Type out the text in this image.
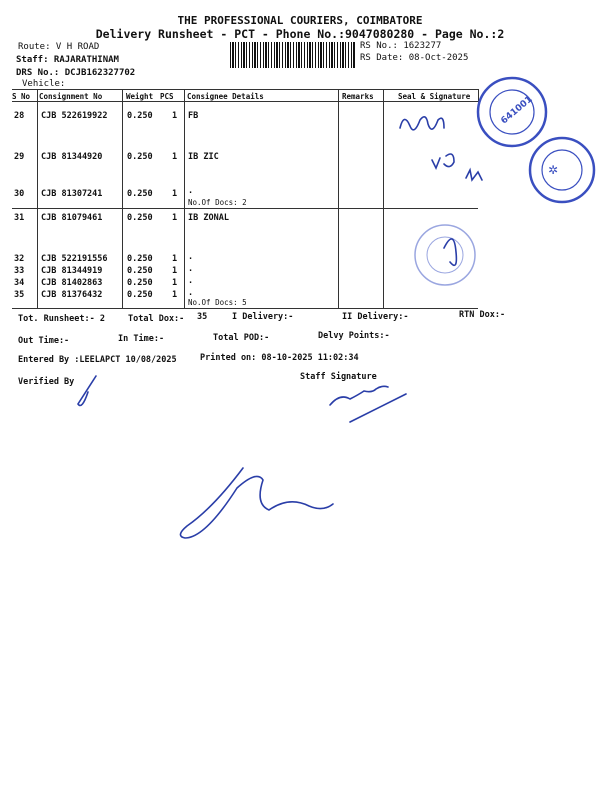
THE PROFESSIONAL COURIERS, COIMBATORE
Delivery Runsheet - PCT - Phone No.:9047080280 - Page No.:2
Route: V H ROAD
Staff: RAJARATHINAM
DRS No.: DCJB162327702
Vehicle:
RS No.: 1623277
RS Date: 08-Oct-2025
S No Consignment No	Weight PCS Consignee Details	Remarks	Seal & Signature
28 CJB 522619922 0.250 1 FB
29 CJB 81344920	0.250 1 IB ZIC
30 CJB 81307241	0.250 1 .
No.Of Docs: 2
31 CJB 81079461	0.250 1 IB ZONAL
32 CJB 522191556 0.250 1 .
33 CJB 81344919	0.250 1 .
34 CJB 81402863	0.250 1 .
35 CJB 81376432	0.250 1 .
No.Of Docs: 5
Tot. Runsheet:- 2	Total Dox:- 35	I Delivery:-	II Delivery:-	RTN Dox:-
Out Time:-	In Time:-	Total POD:-	Delvy Points:-
Entered By :LEELAPCT 10/08/2025	Printed on: 08-10-2025 11:02:34
Verified By	Staff Signature
641001
✲
